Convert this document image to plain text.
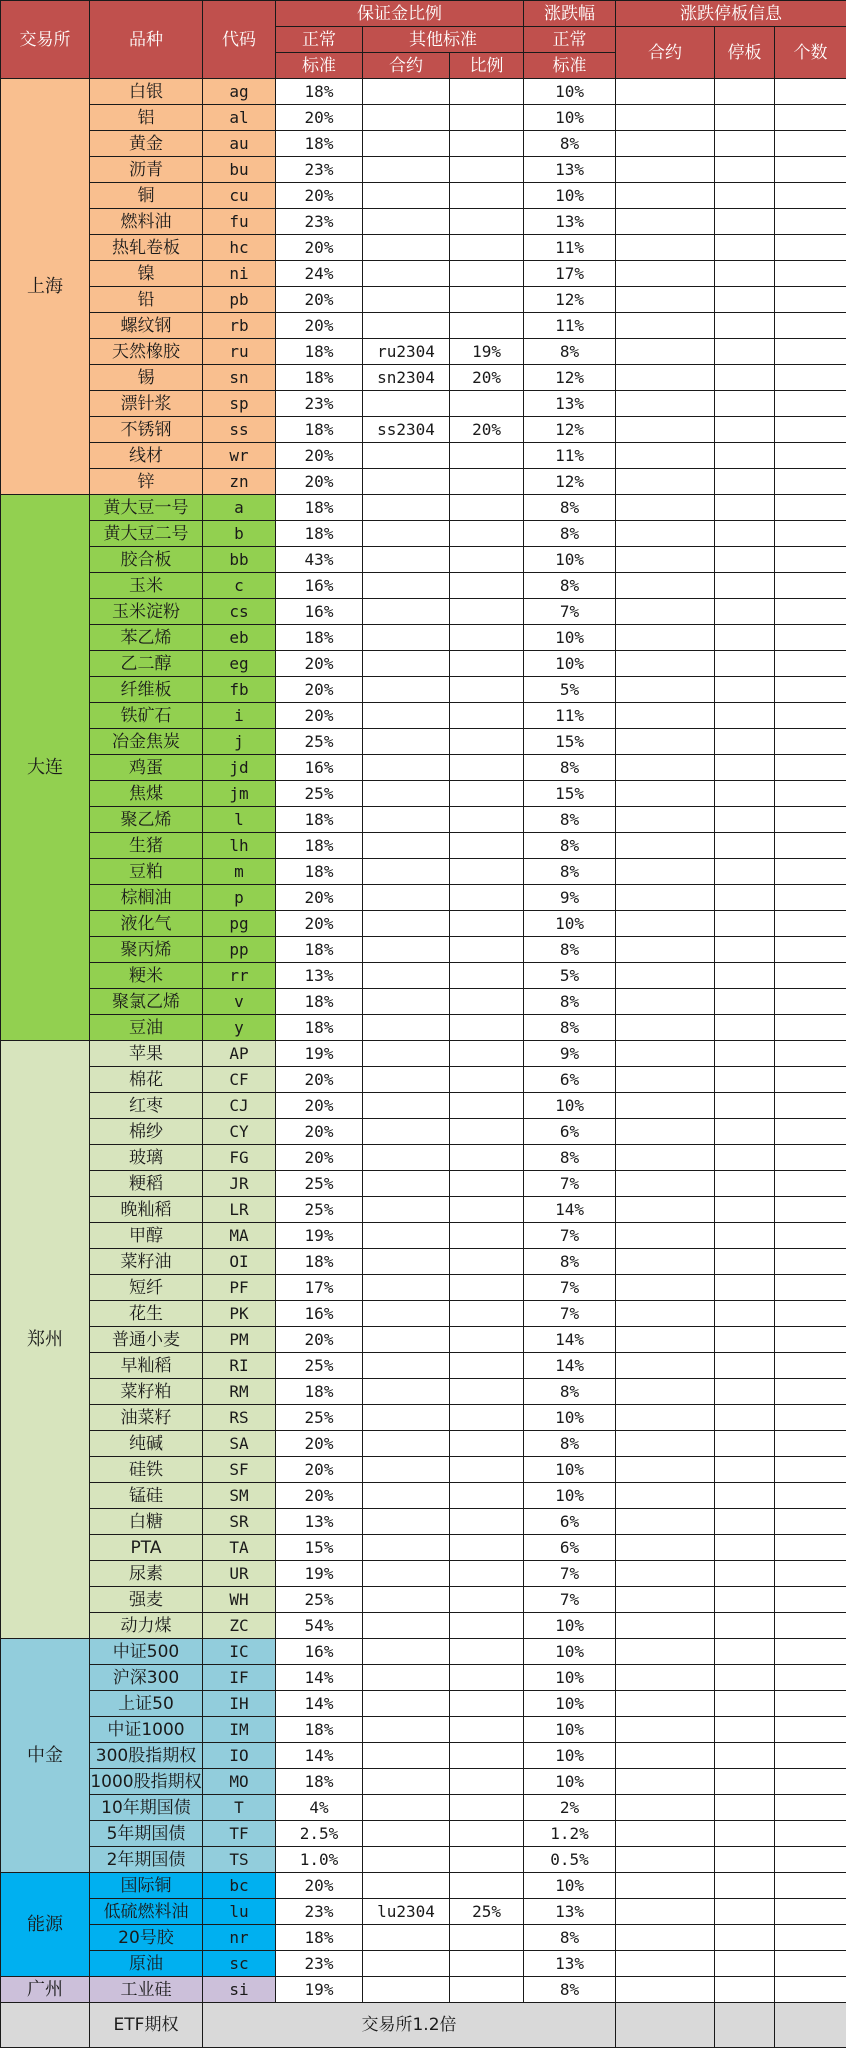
交易所	品种	代码	保证金比例			涨跌幅	涨跌停板信息		
			正常	其他标准		正常	合约	停板	个数
			标准	合约	比例	标准			
上海	白银	ag	18%			10%			
	铝	al	20%			10%			
	黄金	au	18%			8%			
	沥青	bu	23%			13%			
	铜	cu	20%			10%			
	燃料油	fu	23%			13%			
	热轧卷板	hc	20%			11%			
	镍	ni	24%			17%			
	铅	pb	20%			12%			
	螺纹钢	rb	20%			11%			
	天然橡胶	ru	18%	ru2304	19%	8%			
	锡	sn	18%	sn2304	20%	12%			
	漂针浆	sp	23%			13%			
	不锈钢	ss	18%	ss2304	20%	12%			
	线材	wr	20%			11%			
	锌	zn	20%			12%			
大连	黄大豆一号	a	18%			8%			
	黄大豆二号	b	18%			8%			
	胶合板	bb	43%			10%			
	玉米	c	16%			8%			
	玉米淀粉	cs	16%			7%			
	苯乙烯	eb	18%			10%			
	乙二醇	eg	20%			10%			
	纤维板	fb	20%			5%			
	铁矿石	i	20%			11%			
	冶金焦炭	j	25%			15%			
	鸡蛋	jd	16%			8%			
	焦煤	jm	25%			15%			
	聚乙烯	l	18%			8%			
	生猪	lh	18%			8%			
	豆粕	m	18%			8%			
	棕榈油	p	20%			9%			
	液化气	pg	20%			10%			
	聚丙烯	pp	18%			8%			
	粳米	rr	13%			5%			
	聚氯乙烯	v	18%			8%			
	豆油	y	18%			8%			
郑州	苹果	AP	19%			9%			
	棉花	CF	20%			6%			
	红枣	CJ	20%			10%			
	棉纱	CY	20%			6%			
	玻璃	FG	20%			8%			
	粳稻	JR	25%			7%			
	晚籼稻	LR	25%			14%			
	甲醇	MA	19%			7%			
	菜籽油	OI	18%			8%			
	短纤	PF	17%			7%			
	花生	PK	16%			7%			
	普通小麦	PM	20%			14%			
	早籼稻	RI	25%			14%			
	菜籽粕	RM	18%			8%			
	油菜籽	RS	25%			10%			
	纯碱	SA	20%			8%			
	硅铁	SF	20%			10%			
	锰硅	SM	20%			10%			
	白糖	SR	13%			6%			
	PTA	TA	15%			6%			
	尿素	UR	19%			7%			
	强麦	WH	25%			7%			
	动力煤	ZC	54%			10%			
中金	中证500	IC	16%			10%			
	沪深300	IF	14%			10%			
	上证50	IH	14%			10%			
	中证1000	IM	18%			10%			
	300股指期权	IO	14%			10%			
	1000股指期权	MO	18%			10%			
	10年期国债	T	4%			2%			
	5年期国债	TF	2.5%			1.2%			
	2年期国债	TS	1.0%			0.5%			
能源	国际铜	bc	20%			10%			
	低硫燃料油	lu	23%	lu2304	25%	13%			
	20号胶	nr	18%			8%			
	原油	sc	23%			13%			
广州	工业硅	si	19%			8%			
	ETF期权	交易所1.2倍							
